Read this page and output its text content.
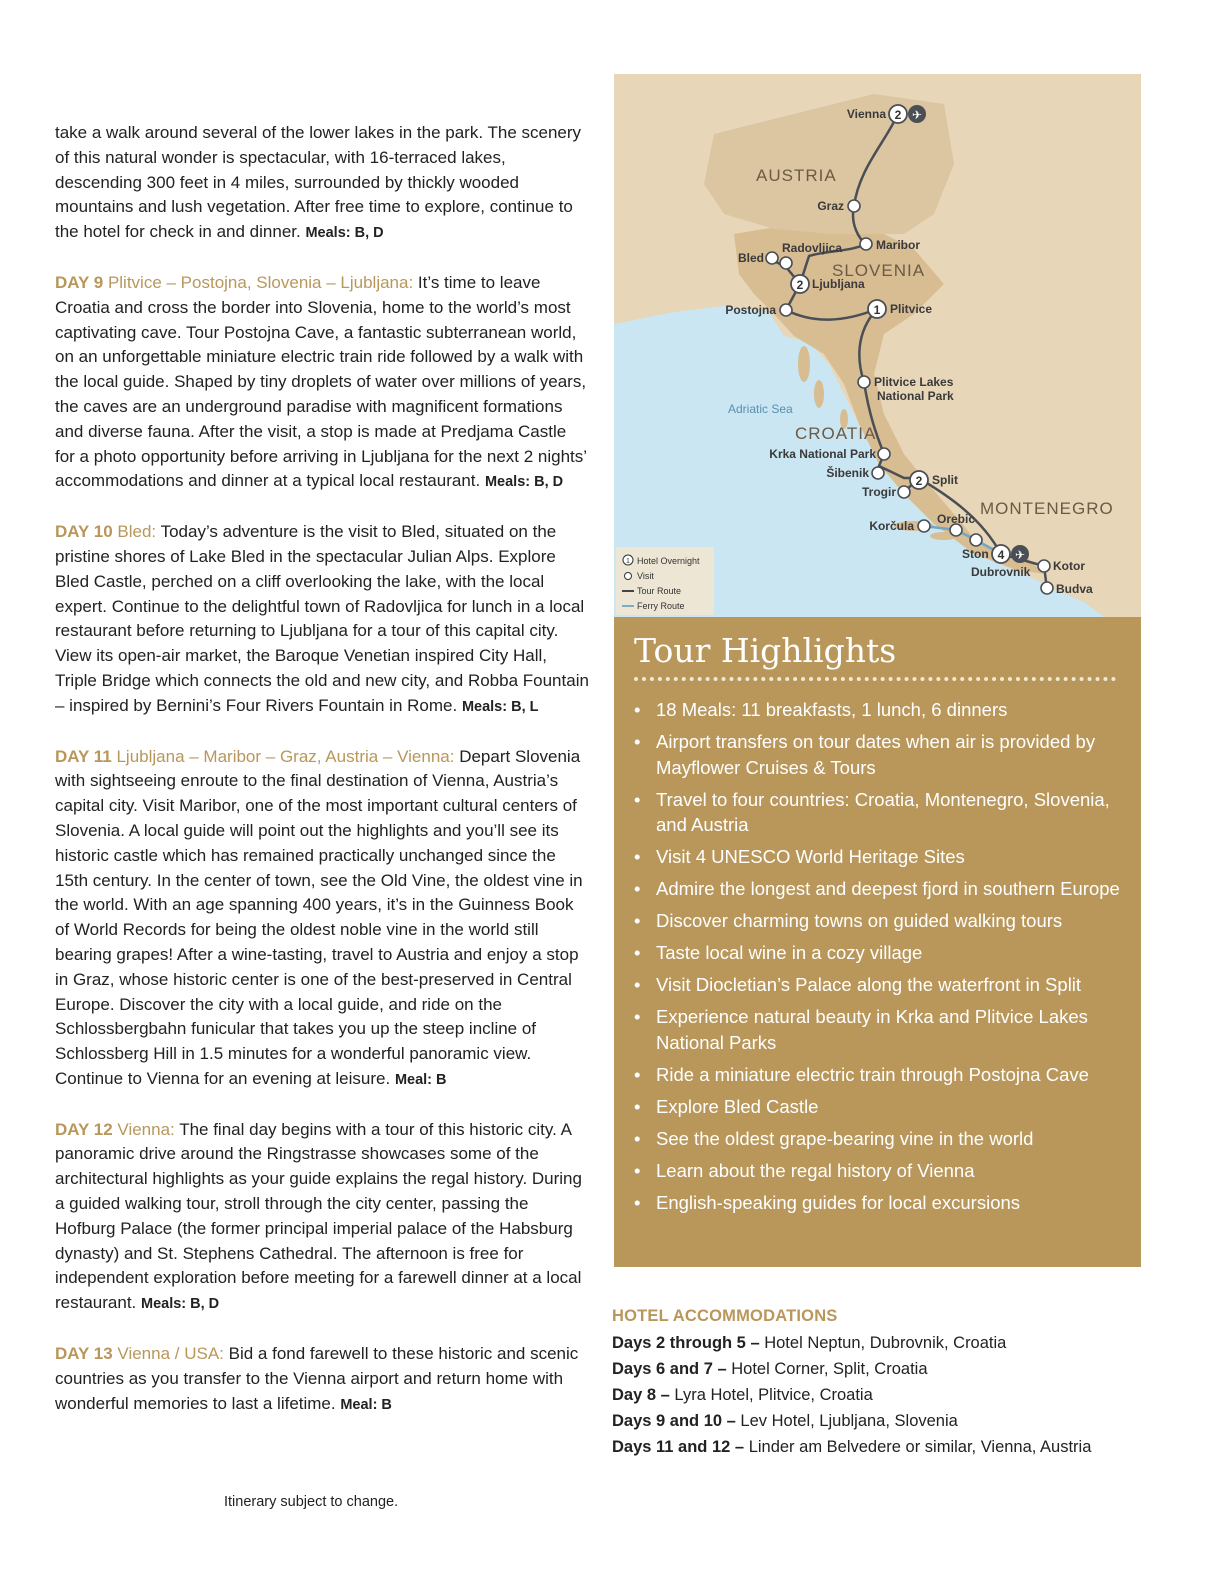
take a walk around several of the lower lakes in the park. The scenery of this natural wonder is spectacular, with 16-terraced lakes, descending 300 feet in 4 miles, surrounded by thickly wooded mountains and lush vegetation. After free time to explore, continue to the hotel for check in and dinner. Meals: B, D

DAY 9 Plitvice – Postojna, Slovenia – Ljubljana: It’s time to leave Croatia and cross the border into Slovenia, home to the world’s most captivating cave. Tour Postojna Cave, a fantastic subterranean world, on an unforgettable miniature electric train ride followed by a walk with the local guide. Shaped by tiny droplets of water over millions of years, the caves are an underground paradise with magnificent formations and diverse fauna. After the visit, a stop is made at Predjama Castle for a photo opportunity before arriving in Ljubljana for the next 2 nights’ accommodations and dinner at a typical local restaurant. Meals: B, D

DAY 10 Bled: Today’s adventure is the visit to Bled, situated on the pristine shores of Lake Bled in the spectacular Julian Alps. Explore Bled Castle, perched on a cliff overlooking the lake, with the local expert. Continue to the delightful town of Radovljica for lunch in a local restaurant before returning to Ljubljana for a tour of this capital city. View its open-air market, the Baroque Venetian inspired City Hall, Triple Bridge which connects the old and new city, and Robba Fountain – inspired by Bernini’s Four Rivers Fountain in Rome. Meals: B, L

DAY 11 Ljubljana – Maribor – Graz, Austria – Vienna: Depart Slovenia with sightseeing enroute to the final destination of Vienna, Austria’s capital city. Visit Maribor, one of the most important cultural centers of Slovenia. A local guide will point out the highlights and you’ll see its historic castle which has remained practically unchanged since the 15th century. In the center of town, see the Old Vine, the oldest vine in the world. With an age spanning 400 years, it’s in the Guinness Book of World Records for being the oldest noble vine in the world still bearing grapes! After a wine-tasting, travel to Austria and enjoy a stop in Graz, whose historic center is one of the best-preserved in Central Europe. Discover the city with a local guide, and ride on the Schlossbergbahn funicular that takes you up the steep incline of Schlossberg Hill in 1.5 minutes for a wonderful panoramic view. Continue to Vienna for an evening at leisure. Meal: B

DAY 12 Vienna: The final day begins with a tour of this historic city. A panoramic drive around the Ringstrasse showcases some of the architectural highlights as your guide explains the regal history. During a guided walking tour, stroll through the city center, passing the Hofburg Palace (the former principal imperial palace of the Habsburg dynasty) and St. Stephens Cathedral. The afternoon is free for independent exploration before meeting for a farewell dinner at a local restaurant. Meals: B, D

DAY 13 Vienna / USA: Bid a fond farewell to these historic and scenic countries as you transfer to the Vienna airport and return home with wonderful memories to last a lifetime. Meal: B

Itinerary subject to change.
2 ✈
2
1
2
4 ✈
AUSTRIA
SLOVENIA
CROATIA
MONTENEGRO
Adriatic Sea
Vienna
Graz
Maribor
Radovljica
Bled
Ljubljana
Postojna	Plitvice
Plitvice Lakes
National Park
Krka National Park
Šibenik
Trogir
Split
Korčula Orebic
Ston
Dubrovnik Kotor
Budva
1 Hotel Overnight
Visit
Tour Route
Ferry Route
Tour Highlights
• 18 Meals: 11 breakfasts, 1 lunch, 6 dinners
• Airport transfers on tour dates when air is provided by Mayflower Cruises & Tours
• Travel to four countries: Croatia, Montenegro, Slovenia, and Austria
• Visit 4 UNESCO World Heritage Sites
• Admire the longest and deepest fjord in southern Europe
• Discover charming towns on guided walking tours
• Taste local wine in a cozy village
• Visit Diocletian’s Palace along the waterfront in Split
• Experience natural beauty in Krka and Plitvice Lakes National Parks
• Ride a miniature electric train through Postojna Cave
• Explore Bled Castle
• See the oldest grape-bearing vine in the world
• Learn about the regal history of Vienna
• English-speaking guides for local excursions
HOTEL ACCOMMODATIONS
Days 2 through 5 – Hotel Neptun, Dubrovnik, Croatia
Days 6 and 7 – Hotel Corner, Split, Croatia
Day 8 – Lyra Hotel, Plitvice, Croatia
Days 9 and 10 – Lev Hotel, Ljubljana, Slovenia
Days 11 and 12 – Linder am Belvedere or similar, Vienna, Austria
